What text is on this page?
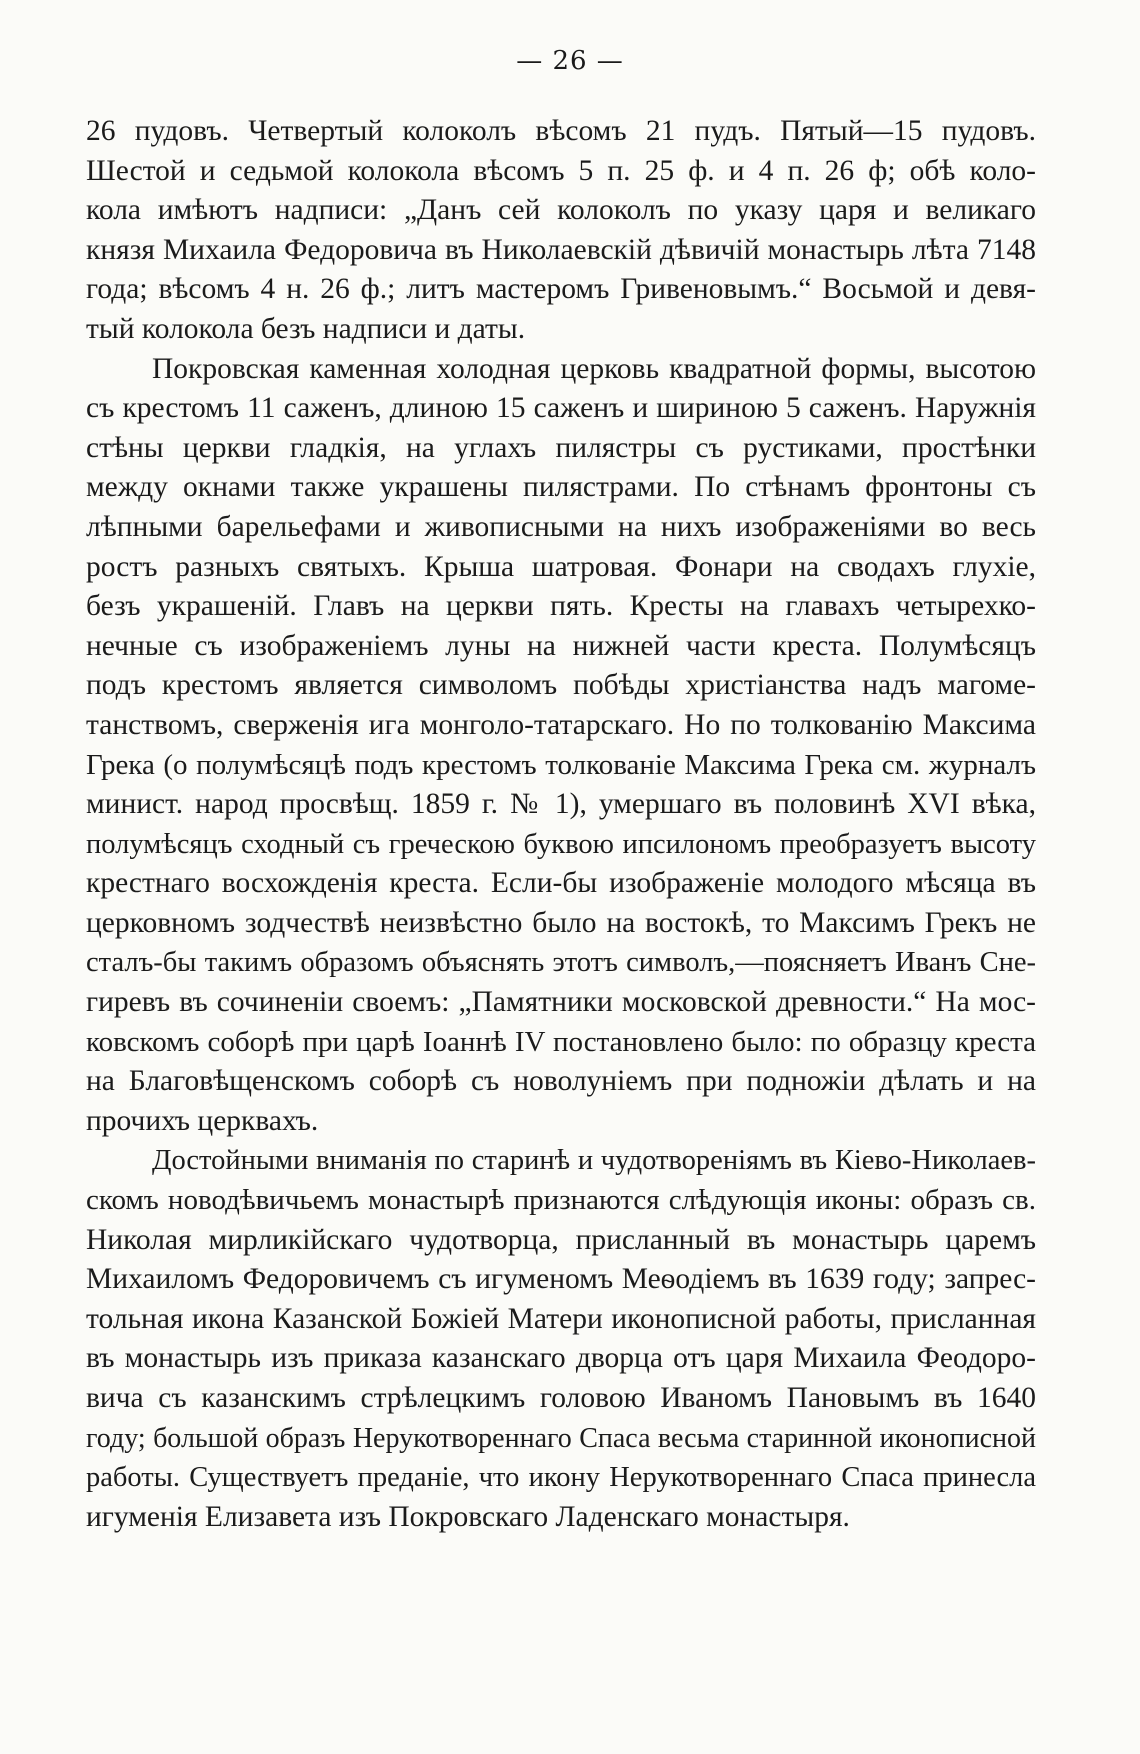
— 26 —
26 пудовъ. Четвертый колоколъ вѣсомъ 21 пудъ. Пятый—15 пудовъ.
Шестой и седьмой колокола вѣсомъ 5 п. 25 ф. и 4 п. 26 ф; обѣ коло-
кола имѣютъ надписи: „Данъ сей колоколъ по указу царя и великаго
князя Михаила Федоровича въ Николаевскій дѣвичій монастырь лѣта 7148
года; вѣсомъ 4 н. 26 ф.; литъ мастеромъ Гривеновымъ.“ Восьмой и девя-
тый колокола безъ надписи и даты.
Покровская каменная холодная церковь квадратной формы, высотою
съ крестомъ 11 саженъ, длиною 15 саженъ и шириною 5 саженъ. Наружнія
стѣны церкви гладкія, на углахъ пилястры съ рустиками, простѣнки
между окнами также украшены пилястрами. По стѣнамъ фронтоны съ
лѣпными барельефами и живописными на нихъ изображеніями во весь
ростъ разныхъ святыхъ. Крыша шатровая. Фонари на сводахъ глухіе,
безъ украшеній. Главъ на церкви пять. Кресты на главахъ четырехко-
нечные съ изображеніемъ луны на нижней части креста. Полумѣсяцъ
подъ крестомъ является символомъ побѣды христіанства надъ магоме-
танствомъ, сверженія ига монголо-татарскаго. Но по толкованію Максима
Грека (о полумѣсяцѣ подъ крестомъ толкованіе Максима Грека см. журналъ
минист. народ просвѣщ. 1859 г. № 1), умершаго въ половинѣ XVI вѣка,
полумѣсяцъ сходный съ греческою буквою ипсилономъ преобразуетъ высоту
крестнаго восхожденія креста. Если-бы изображеніе молодого мѣсяца въ
церковномъ зодчествѣ неизвѣстно было на востокѣ, то Максимъ Грекъ не
сталъ-бы такимъ образомъ объяснять этотъ символъ,—поясняетъ Иванъ Сне-
гиревъ въ сочиненіи своемъ: „Памятники московской древности.“ На мос-
ковскомъ соборѣ при царѣ Іоаннѣ IV постановлено было: по образцу креста
на Благовѣщенскомъ соборѣ съ новолуніемъ при подножіи дѣлать и на
прочихъ церквахъ.
Достойными вниманія по старинѣ и чудотвореніямъ въ Кіево-Николаев-
скомъ новодѣвичьемъ монастырѣ признаются слѣдующія иконы: образъ св.
Николая мирликійскаго чудотворца, присланный въ монастырь царемъ
Михаиломъ Федоровичемъ съ игуменомъ Меѳодіемъ въ 1639 году; запрес-
тольная икона Казанской Божіей Матери иконописной работы, присланная
въ монастырь изъ приказа казанскаго дворца отъ царя Михаила Феодоро-
вича съ казанскимъ стрѣлецкимъ головою Иваномъ Пановымъ въ 1640
году; большой образъ Нерукотвореннаго Спаса весьма старинной иконописной
работы. Существуетъ преданіе, что икону Нерукотвореннаго Спаса принесла
игуменія Елизавета изъ Покровскаго Ладенскаго монастыря.
